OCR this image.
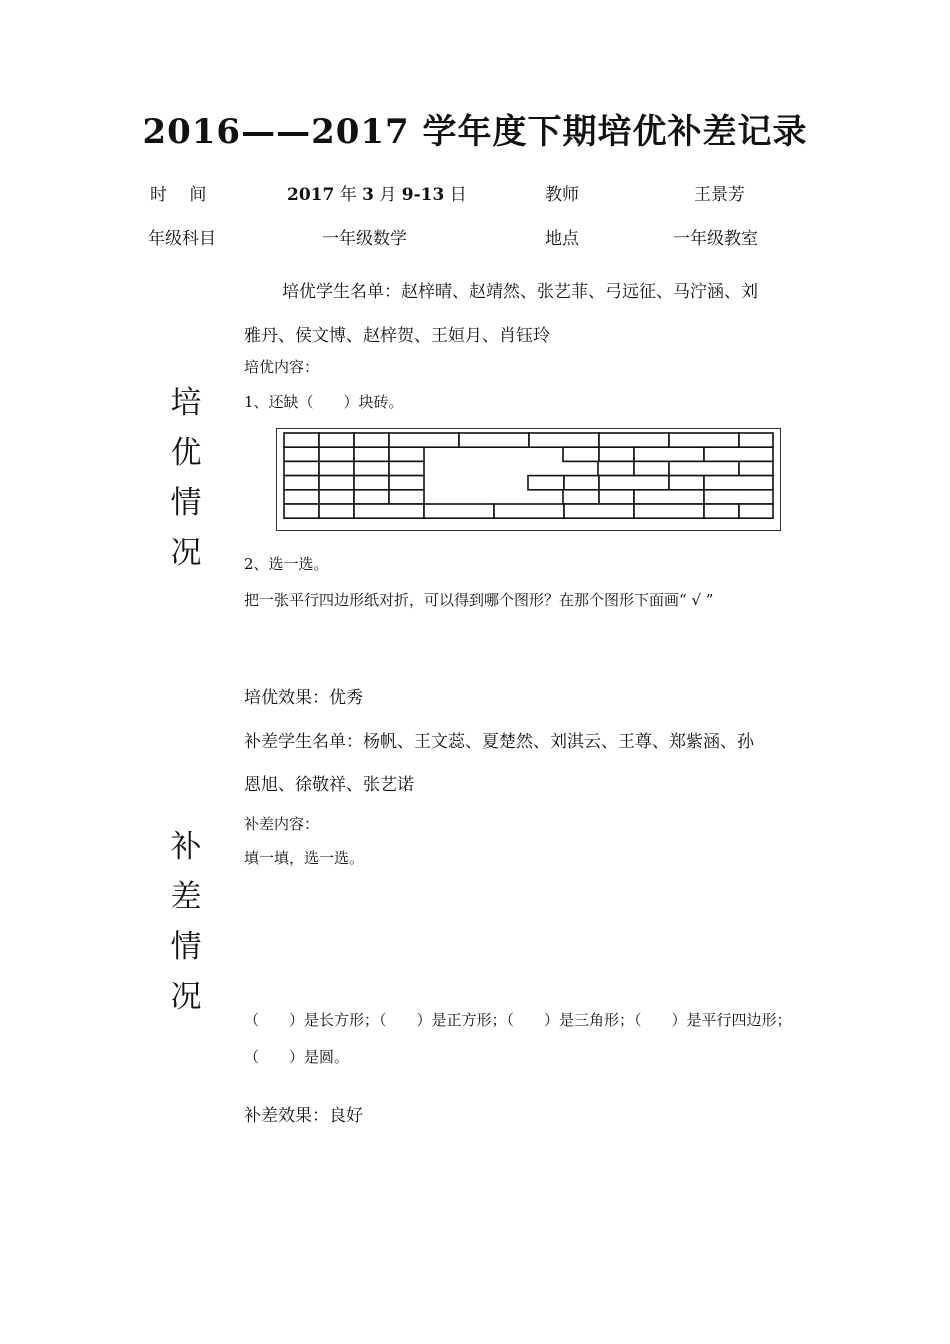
2016——2017 学年度下期培优补差记录
时　 间	2017 年 3 月 9-13 日	教师	王景芳
年级科目	一年级数学	地点	一年级教室
培
优
情
况
培优学生名单：赵梓晴、赵靖然、张艺菲、弓远征、马泞涵、刘
雅丹、侯文博、赵梓贺、王姮月、肖钰玲
培优内容：
1、还缺（　　）块砖。
2、选一选。
把一张平行四边形纸对折，可以得到哪个图形？在那个图形下面画“ √ ”
培优效果：优秀
补差学生名单：杨帆、王文蕊、夏楚然、刘淇云、王尊、郑紫涵、孙
恩旭、徐敬祥、张艺诺
补差内容：
填一填，选一选。
补
差
情
况
（　　）是长方形；（　　）是正方形；（　　）是三角形；（　　）是平行四边形；
（　　）是圆。
补差效果：良好
